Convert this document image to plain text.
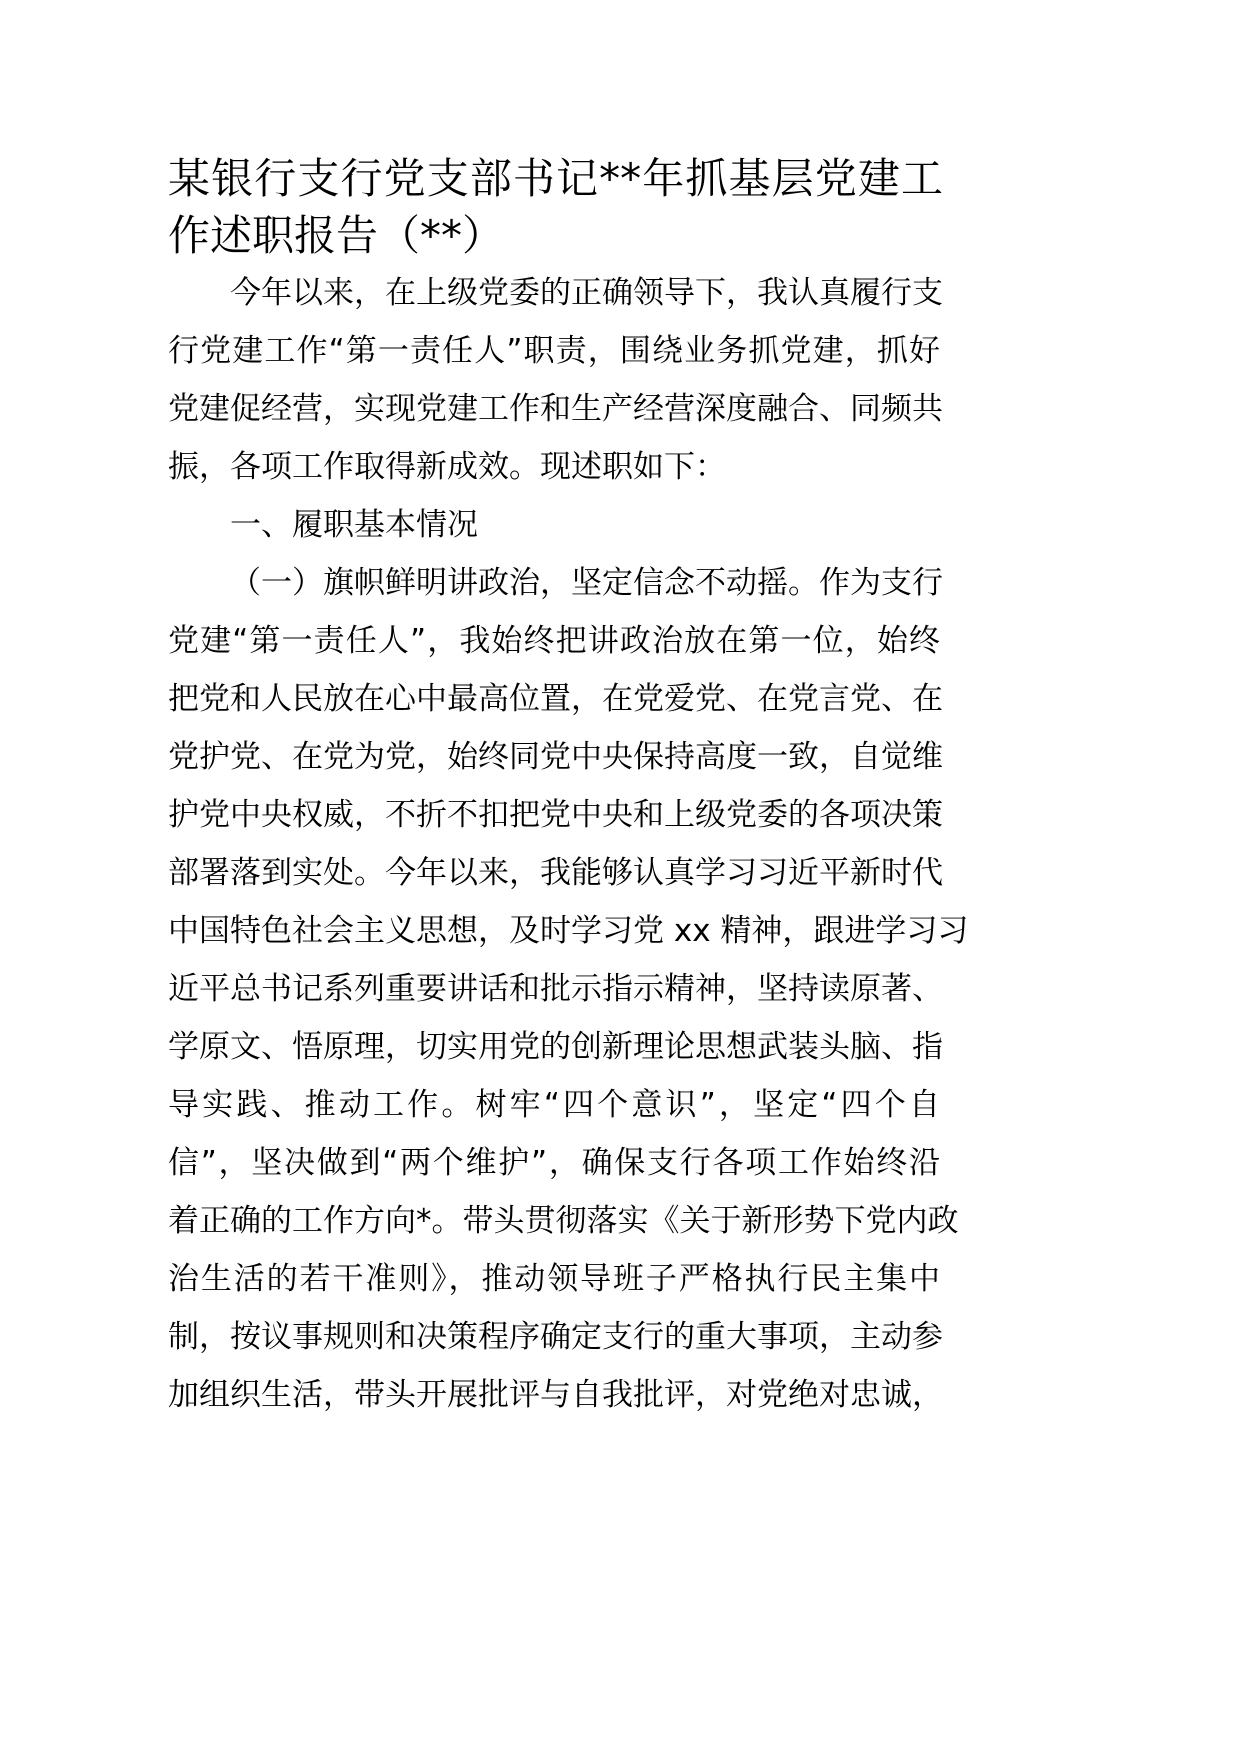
某银行支行党支部书记**年抓基层党建工
作述职报告（**）
今年以来，在上级党委的正确领导下，我认真履行支
行党建工作“第一责任人”职责，围绕业务抓党建，抓好
党建促经营，实现党建工作和生产经营深度融合、同频共
振，各项工作取得新成效。现述职如下：
一、履职基本情况
（一）旗帜鲜明讲政治，坚定信念不动摇。作为支行
党建“第一责任人”，我始终把讲政治放在第一位，始终
把党和人民放在心中最高位置，在党爱党、在党言党、在
党护党、在党为党，始终同党中央保持高度一致，自觉维
护党中央权威，不折不扣把党中央和上级党委的各项决策
部署落到实处。今年以来，我能够认真学习习近平新时代
中国特色社会主义思想，及时学习党 xx 精神，跟进学习习
近平总书记系列重要讲话和批示指示精神，坚持读原著、
学原文、悟原理，切实用党的创新理论思想武装头脑、指
导实践、推动工作。树牢“四个意识”，坚定“四个自
信”，坚决做到“两个维护”，确保支行各项工作始终沿
着正确的工作方向*。带头贯彻落实《关于新形势下党内政
治生活的若干准则》，推动领导班子严格执行民主集中
制，按议事规则和决策程序确定支行的重大事项，主动参
加组织生活，带头开展批评与自我批评，对党绝对忠诚，
